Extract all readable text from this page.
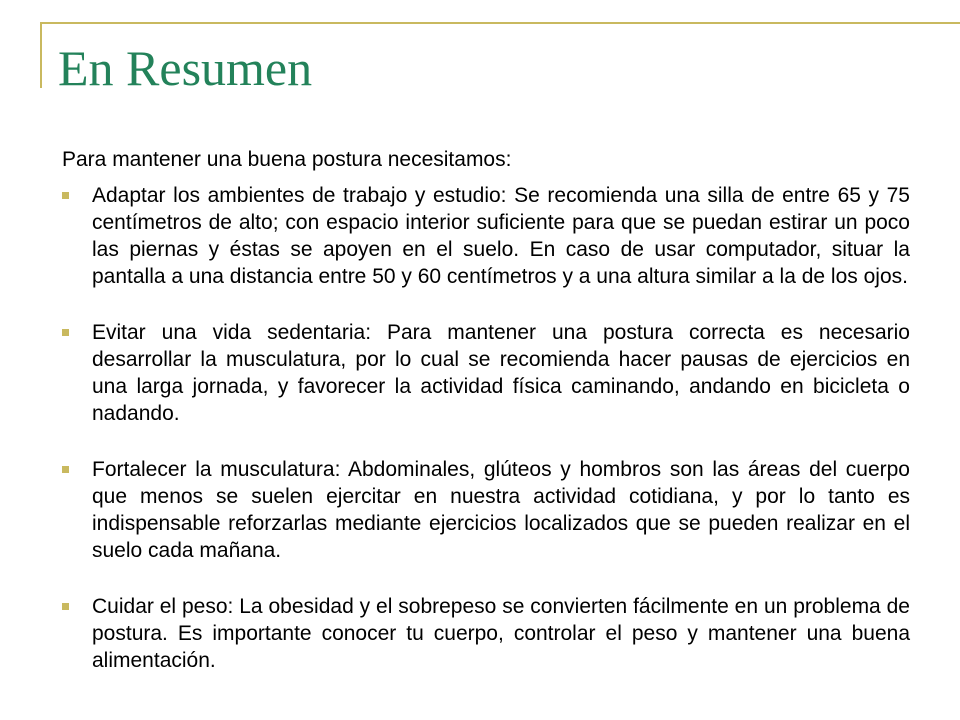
En Resumen

Para mantener una buena postura necesitamos:

Adaptar los ambientes de trabajo y estudio: Se recomienda una silla de entre 65 y 75 centímetros de alto; con espacio interior suficiente para que se puedan estirar un poco las piernas y éstas se apoyen en el suelo. En caso de usar computador, situar la pantalla a una distancia entre 50 y 60 centímetros y a una altura similar a la de los ojos.
Evitar una vida sedentaria: Para mantener una postura correcta es necesario desarrollar la musculatura, por lo cual se recomienda hacer pausas de ejercicios en una larga jornada, y favorecer la actividad física caminando, andando en bicicleta o nadando.
Fortalecer la musculatura: Abdominales, glúteos y hombros son las áreas del cuerpo que menos se suelen ejercitar en nuestra actividad cotidiana, y por lo tanto es indispensable reforzarlas mediante ejercicios localizados que se pueden realizar en el suelo cada mañana.
Cuidar el peso: La obesidad y el sobrepeso se convierten fácilmente en un problema de postura. Es importante conocer tu cuerpo, controlar el peso y mantener una buena alimentación.
